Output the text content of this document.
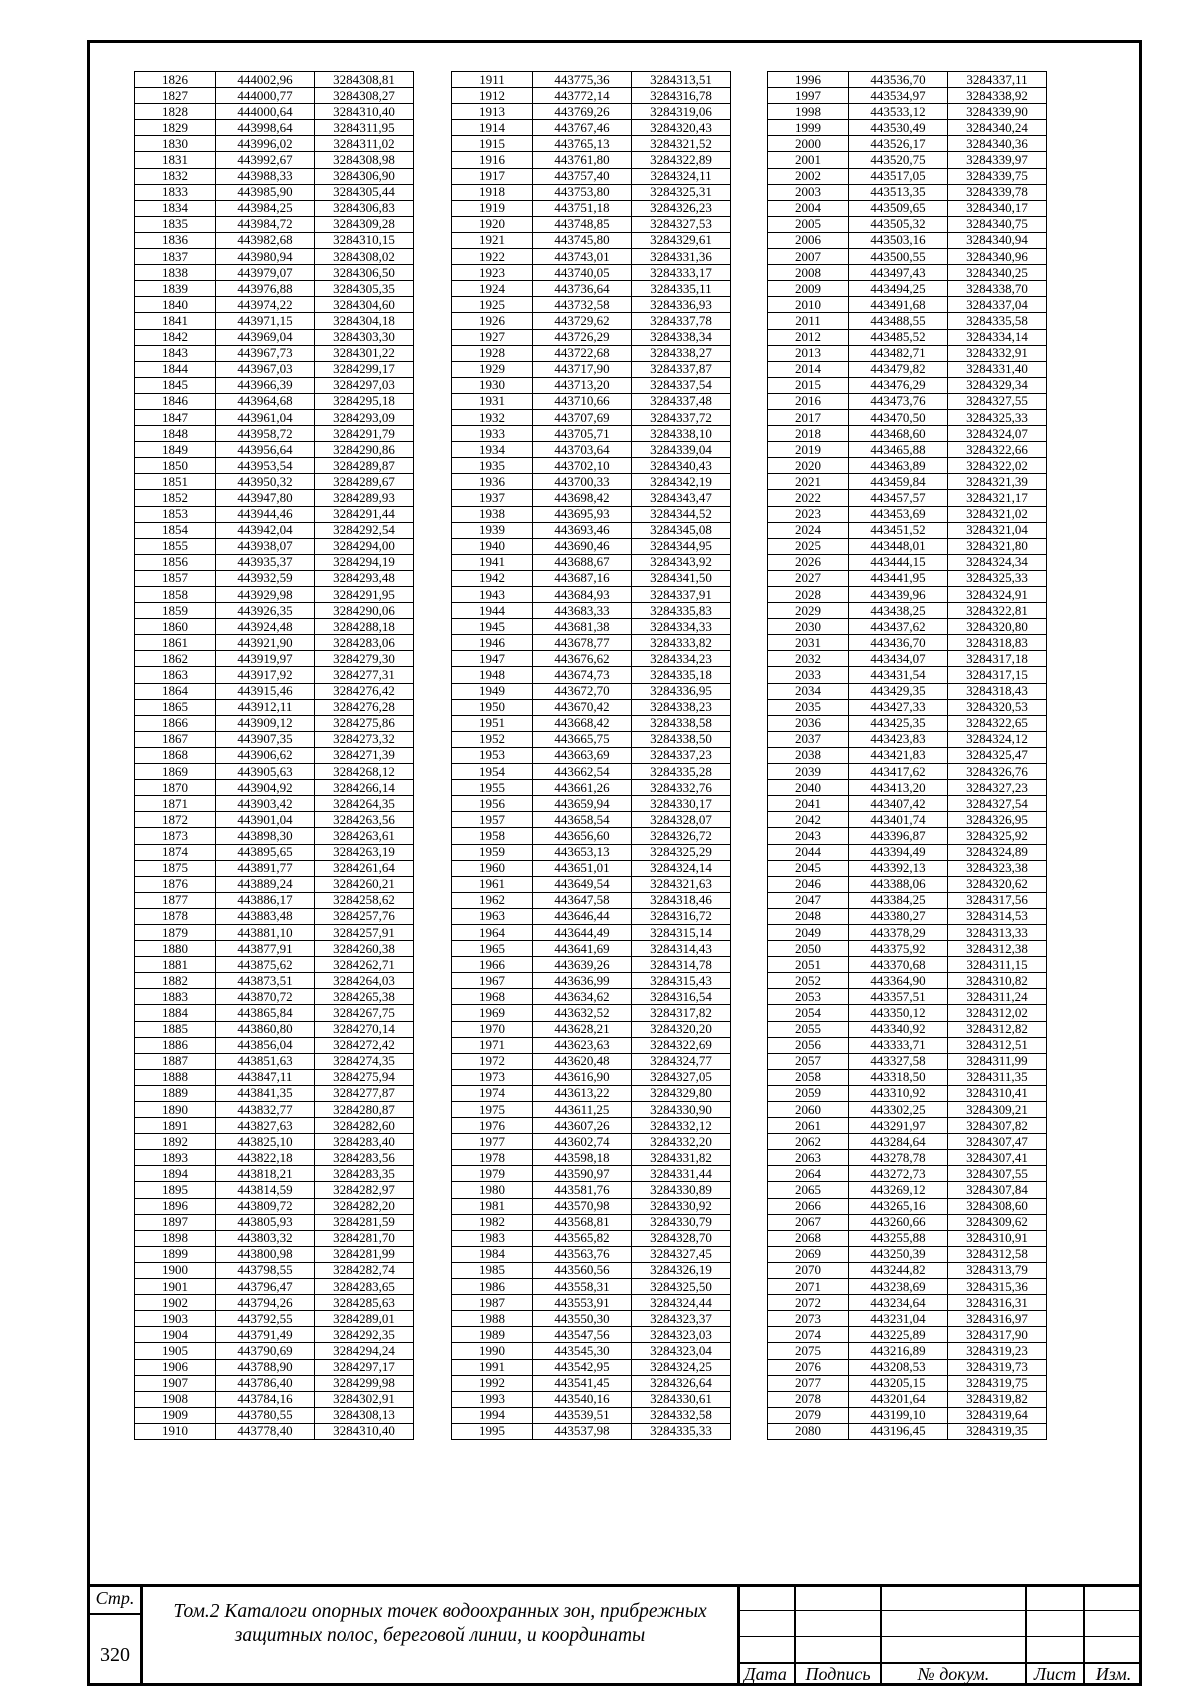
1826	444002,96	3284308,81
1827	444000,77	3284308,27
1828	444000,64	3284310,40
1829	443998,64	3284311,95
1830	443996,02	3284311,02
1831	443992,67	3284308,98
1832	443988,33	3284306,90
1833	443985,90	3284305,44
1834	443984,25	3284306,83
1835	443984,72	3284309,28
1836	443982,68	3284310,15
1837	443980,94	3284308,02
1838	443979,07	3284306,50
1839	443976,88	3284305,35
1840	443974,22	3284304,60
1841	443971,15	3284304,18
1842	443969,04	3284303,30
1843	443967,73	3284301,22
1844	443967,03	3284299,17
1845	443966,39	3284297,03
1846	443964,68	3284295,18
1847	443961,04	3284293,09
1848	443958,72	3284291,79
1849	443956,64	3284290,86
1850	443953,54	3284289,87
1851	443950,32	3284289,67
1852	443947,80	3284289,93
1853	443944,46	3284291,44
1854	443942,04	3284292,54
1855	443938,07	3284294,00
1856	443935,37	3284294,19
1857	443932,59	3284293,48
1858	443929,98	3284291,95
1859	443926,35	3284290,06
1860	443924,48	3284288,18
1861	443921,90	3284283,06
1862	443919,97	3284279,30
1863	443917,92	3284277,31
1864	443915,46	3284276,42
1865	443912,11	3284276,28
1866	443909,12	3284275,86
1867	443907,35	3284273,32
1868	443906,62	3284271,39
1869	443905,63	3284268,12
1870	443904,92	3284266,14
1871	443903,42	3284264,35
1872	443901,04	3284263,56
1873	443898,30	3284263,61
1874	443895,65	3284263,19
1875	443891,77	3284261,64
1876	443889,24	3284260,21
1877	443886,17	3284258,62
1878	443883,48	3284257,76
1879	443881,10	3284257,91
1880	443877,91	3284260,38
1881	443875,62	3284262,71
1882	443873,51	3284264,03
1883	443870,72	3284265,38
1884	443865,84	3284267,75
1885	443860,80	3284270,14
1886	443856,04	3284272,42
1887	443851,63	3284274,35
1888	443847,11	3284275,94
1889	443841,35	3284277,87
1890	443832,77	3284280,87
1891	443827,63	3284282,60
1892	443825,10	3284283,40
1893	443822,18	3284283,56
1894	443818,21	3284283,35
1895	443814,59	3284282,97
1896	443809,72	3284282,20
1897	443805,93	3284281,59
1898	443803,32	3284281,70
1899	443800,98	3284281,99
1900	443798,55	3284282,74
1901	443796,47	3284283,65
1902	443794,26	3284285,63
1903	443792,55	3284289,01
1904	443791,49	3284292,35
1905	443790,69	3284294,24
1906	443788,90	3284297,17
1907	443786,40	3284299,98
1908	443784,16	3284302,91
1909	443780,55	3284308,13
1910	443778,40	3284310,40
1911	443775,36	3284313,51
1912	443772,14	3284316,78
1913	443769,26	3284319,06
1914	443767,46	3284320,43
1915	443765,13	3284321,52
1916	443761,80	3284322,89
1917	443757,40	3284324,11
1918	443753,80	3284325,31
1919	443751,18	3284326,23
1920	443748,85	3284327,53
1921	443745,80	3284329,61
1922	443743,01	3284331,36
1923	443740,05	3284333,17
1924	443736,64	3284335,11
1925	443732,58	3284336,93
1926	443729,62	3284337,78
1927	443726,29	3284338,34
1928	443722,68	3284338,27
1929	443717,90	3284337,87
1930	443713,20	3284337,54
1931	443710,66	3284337,48
1932	443707,69	3284337,72
1933	443705,71	3284338,10
1934	443703,64	3284339,04
1935	443702,10	3284340,43
1936	443700,33	3284342,19
1937	443698,42	3284343,47
1938	443695,93	3284344,52
1939	443693,46	3284345,08
1940	443690,46	3284344,95
1941	443688,67	3284343,92
1942	443687,16	3284341,50
1943	443684,93	3284337,91
1944	443683,33	3284335,83
1945	443681,38	3284334,33
1946	443678,77	3284333,82
1947	443676,62	3284334,23
1948	443674,73	3284335,18
1949	443672,70	3284336,95
1950	443670,42	3284338,23
1951	443668,42	3284338,58
1952	443665,75	3284338,50
1953	443663,69	3284337,23
1954	443662,54	3284335,28
1955	443661,26	3284332,76
1956	443659,94	3284330,17
1957	443658,54	3284328,07
1958	443656,60	3284326,72
1959	443653,13	3284325,29
1960	443651,01	3284324,14
1961	443649,54	3284321,63
1962	443647,58	3284318,46
1963	443646,44	3284316,72
1964	443644,49	3284315,14
1965	443641,69	3284314,43
1966	443639,26	3284314,78
1967	443636,99	3284315,43
1968	443634,62	3284316,54
1969	443632,52	3284317,82
1970	443628,21	3284320,20
1971	443623,63	3284322,69
1972	443620,48	3284324,77
1973	443616,90	3284327,05
1974	443613,22	3284329,80
1975	443611,25	3284330,90
1976	443607,26	3284332,12
1977	443602,74	3284332,20
1978	443598,18	3284331,82
1979	443590,97	3284331,44
1980	443581,76	3284330,89
1981	443570,98	3284330,92
1982	443568,81	3284330,79
1983	443565,82	3284328,70
1984	443563,76	3284327,45
1985	443560,56	3284326,19
1986	443558,31	3284325,50
1987	443553,91	3284324,44
1988	443550,30	3284323,37
1989	443547,56	3284323,03
1990	443545,30	3284323,04
1991	443542,95	3284324,25
1992	443541,45	3284326,64
1993	443540,16	3284330,61
1994	443539,51	3284332,58
1995	443537,98	3284335,33
1996	443536,70	3284337,11
1997	443534,97	3284338,92
1998	443533,12	3284339,90
1999	443530,49	3284340,24
2000	443526,17	3284340,36
2001	443520,75	3284339,97
2002	443517,05	3284339,75
2003	443513,35	3284339,78
2004	443509,65	3284340,17
2005	443505,32	3284340,75
2006	443503,16	3284340,94
2007	443500,55	3284340,96
2008	443497,43	3284340,25
2009	443494,25	3284338,70
2010	443491,68	3284337,04
2011	443488,55	3284335,58
2012	443485,52	3284334,14
2013	443482,71	3284332,91
2014	443479,82	3284331,40
2015	443476,29	3284329,34
2016	443473,76	3284327,55
2017	443470,50	3284325,33
2018	443468,60	3284324,07
2019	443465,88	3284322,66
2020	443463,89	3284322,02
2021	443459,84	3284321,39
2022	443457,57	3284321,17
2023	443453,69	3284321,02
2024	443451,52	3284321,04
2025	443448,01	3284321,80
2026	443444,15	3284324,34
2027	443441,95	3284325,33
2028	443439,96	3284324,91
2029	443438,25	3284322,81
2030	443437,62	3284320,80
2031	443436,70	3284318,83
2032	443434,07	3284317,18
2033	443431,54	3284317,15
2034	443429,35	3284318,43
2035	443427,33	3284320,53
2036	443425,35	3284322,65
2037	443423,83	3284324,12
2038	443421,83	3284325,47
2039	443417,62	3284326,76
2040	443413,20	3284327,23
2041	443407,42	3284327,54
2042	443401,74	3284326,95
2043	443396,87	3284325,92
2044	443394,49	3284324,89
2045	443392,13	3284323,38
2046	443388,06	3284320,62
2047	443384,25	3284317,56
2048	443380,27	3284314,53
2049	443378,29	3284313,33
2050	443375,92	3284312,38
2051	443370,68	3284311,15
2052	443364,90	3284310,82
2053	443357,51	3284311,24
2054	443350,12	3284312,02
2055	443340,92	3284312,82
2056	443333,71	3284312,51
2057	443327,58	3284311,99
2058	443318,50	3284311,35
2059	443310,92	3284310,41
2060	443302,25	3284309,21
2061	443291,97	3284307,82
2062	443284,64	3284307,47
2063	443278,78	3284307,41
2064	443272,73	3284307,55
2065	443269,12	3284307,84
2066	443265,16	3284308,60
2067	443260,66	3284309,62
2068	443255,88	3284310,91
2069	443250,39	3284312,58
2070	443244,82	3284313,79
2071	443238,69	3284315,36
2072	443234,64	3284316,31
2073	443231,04	3284316,97
2074	443225,89	3284317,90
2075	443216,89	3284319,23
2076	443208,53	3284319,73
2077	443205,15	3284319,75
2078	443201,64	3284319,82
2079	443199,10	3284319,64
2080	443196,45	3284319,35
Стр.
320
Том.2 Каталоги опорных точек водоохранных зон, прибрежных защитных полос, береговой линии, и координаты
Дата	Подпись	№ докум.	Лист	Изм.
